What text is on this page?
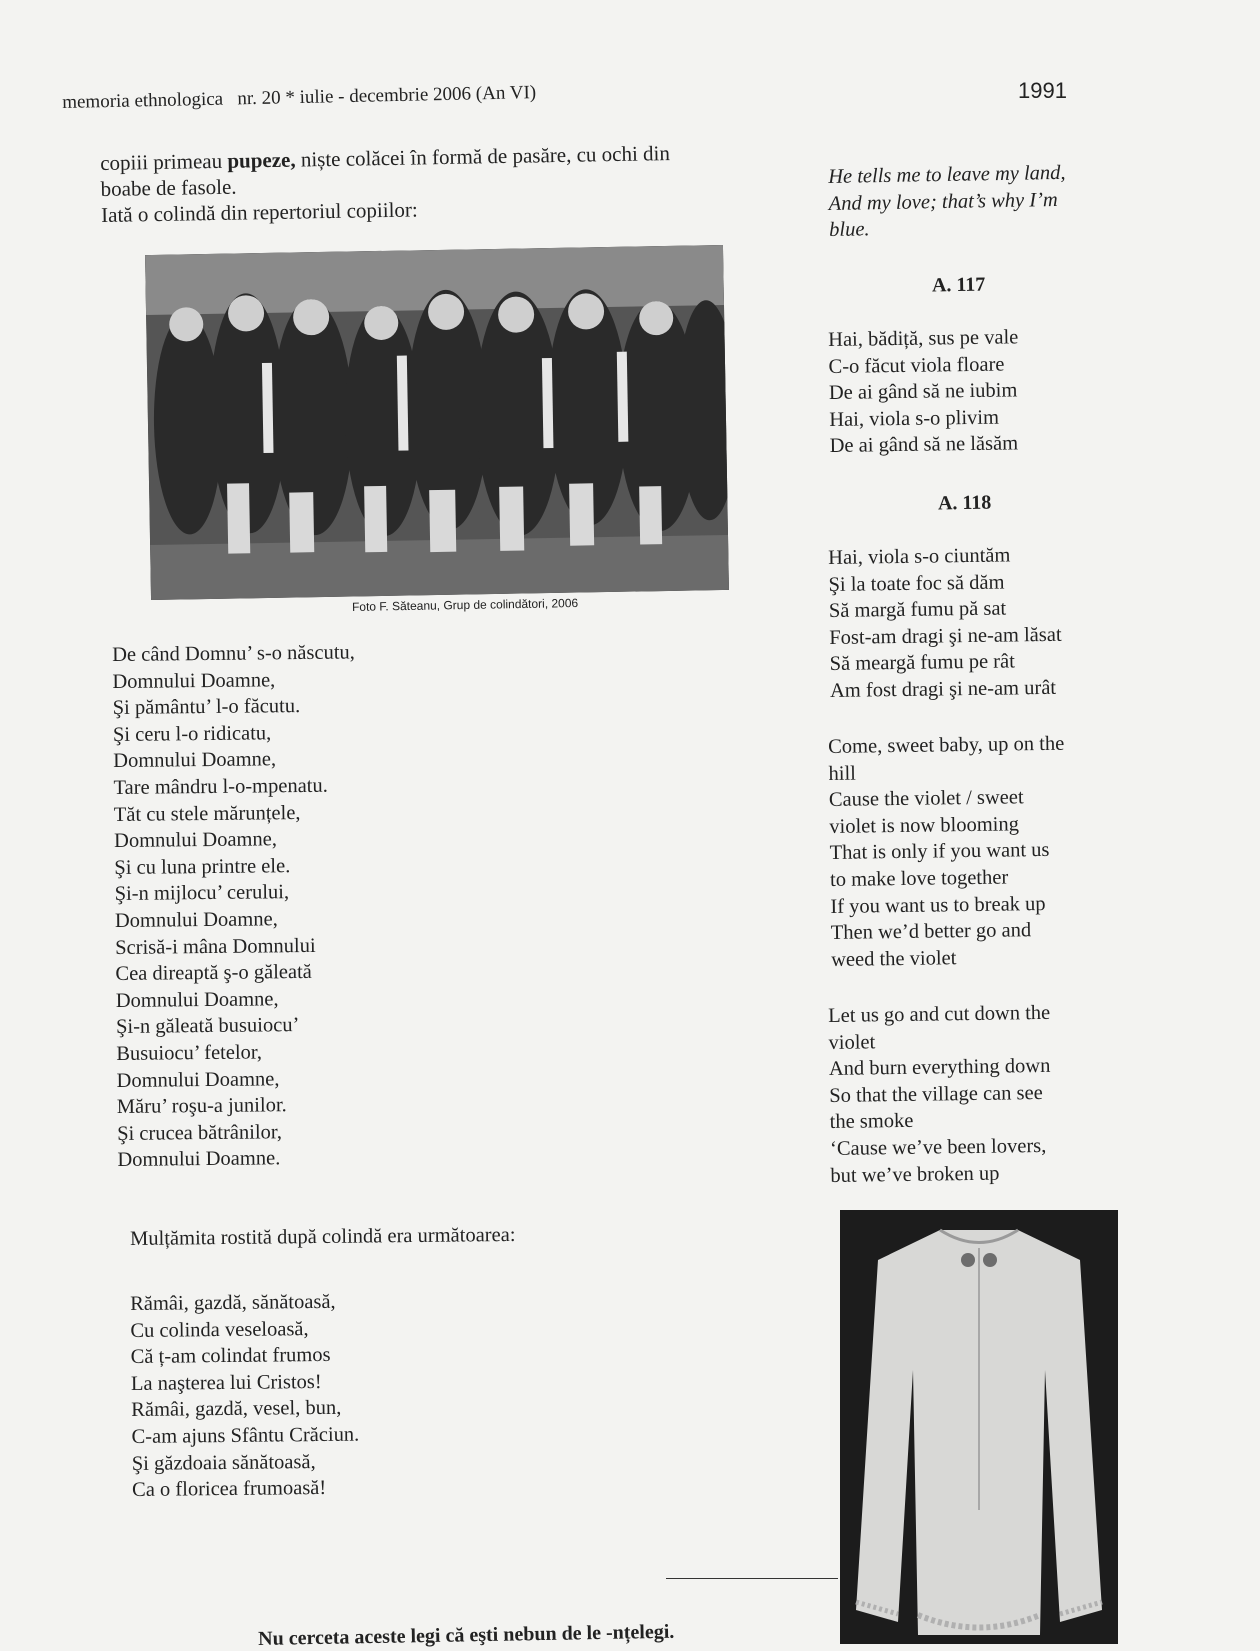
memoria ethnologica nr. 20 * iulie - decembrie 2006 (An VI)	1991

copiii primeau pupeze, niște colăcei în formă de pasăre, cu ochi din

boabe de fasole.

Iată o colindă din repertoriul copiilor:

Foto F. Săteanu, Grup de colindători, 2006
De când Domnu’ s-o născutu,
Domnului Doamne,
Şi pământu’ l-o făcutu.
Şi ceru l-o ridicatu,
Domnului Doamne,
Tare mândru l-o-mpenatu.
Tăt cu stele mărunțele,
Domnului Doamne,
Şi cu luna printre ele.
Şi-n mijlocu’ cerului,
Domnului Doamne,
Scrisă-i mâna Domnului
Cea direaptă ş-o găleată
Domnului Doamne,
Şi-n găleată busuiocu’
Busuiocu’ fetelor,
Domnului Doamne,
Măru’ roşu-a junilor.
Şi crucea bătrânilor,
Domnului Doamne.
Mulțămita rostită după colindă era următoarea:
Rămâi, gazdă, sănătoasă,
Cu colinda veseloasă,
Că ț-am colindat frumos
La naşterea lui Cristos!
Rămâi, gazdă, vesel, bun,
C-am ajuns Sfântu Crăciun.
Şi găzdoaia sănătoasă,
Ca o floricea frumoasă!
He tells me to leave my land,
And my love; that’s why I’m
blue.
A. 117
Hai, bădiță, sus pe vale
C-o făcut viola floare
De ai gând să ne iubim
Hai, viola s-o plivim
De ai gând să ne lăsăm
A. 118
Hai, viola s-o ciuntăm
Şi la toate foc să dăm
Să margă fumu pă sat
Fost-am dragi şi ne-am lăsat
Să meargă fumu pe rât
Am fost dragi şi ne-am urât
Come, sweet baby, up on the
hill
Cause the violet / sweet
violet is now blooming
That is only if you want us
to make love together
If you want us to break up
Then we’d better go and
weed the violet
Let us go and cut down the
violet
And burn everything down
So that the village can see
the smoke
‘Cause we’ve been lovers,
but we’ve broken up
Nu cerceta aceste legi că eşti nebun de le -nțelegi.
